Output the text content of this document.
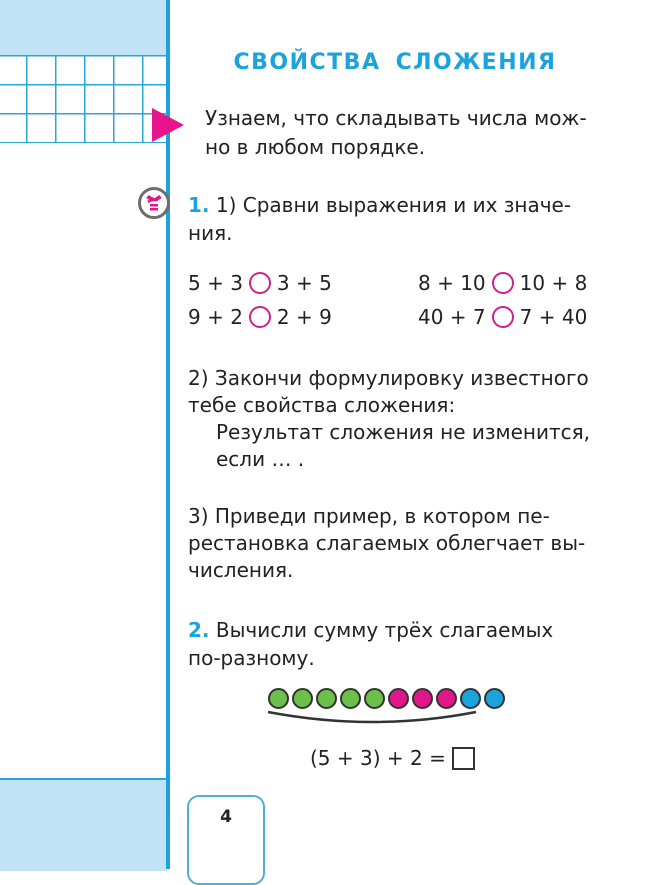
СВОЙСТВА СЛОЖЕНИЯ
Узнаем, что складывать числа мож-
но в любом порядке.
1. 1) Сравни выражения и их значе-
ния.
5 + 3 3 + 5	8 + 10 10 + 8
9 + 2 2 + 9	40 + 7 7 + 40
2) Закончи формулировку известного
тебе свойства сложения:
Результат сложения не изменится,
если … .
3) Приведи пример, в котором пе-
рестановка слагаемых облегчает вы-
числения.
2. Вычисли сумму трёх слагаемых
по-разному.
(5 + 3) + 2 =
4
